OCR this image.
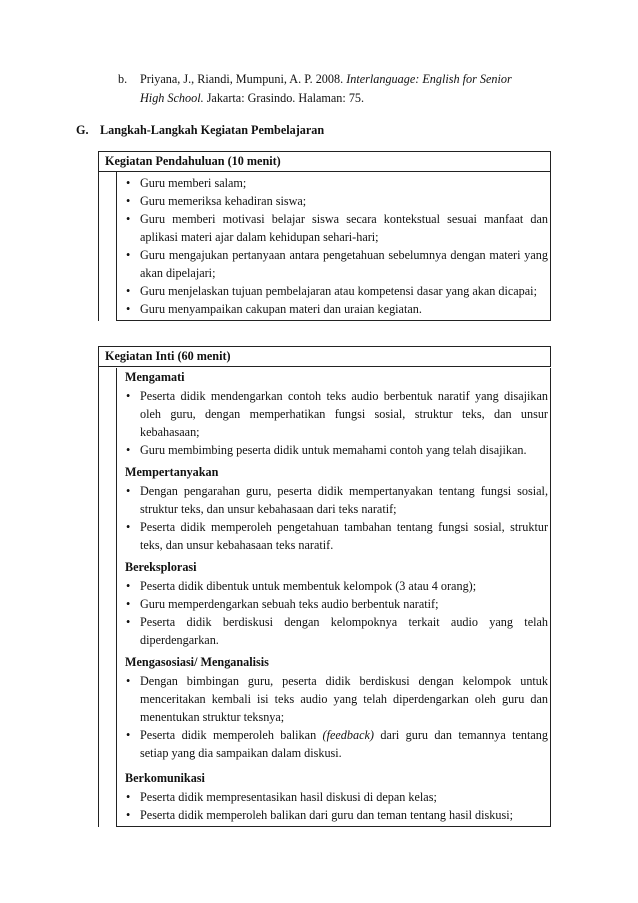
b.	Priyana, J., Riandi, Mumpuni, A. P. 2008. Interlanguage: English for Senior
High School. Jakarta: Grasindo. Halaman: 75.
G. Langkah-Langkah Kegiatan Pembelajaran
Kegiatan Pendahuluan (10 menit)
• Guru memberi salam;
• Guru memeriksa kehadiran siswa;
• Guru memberi motivasi belajar siswa secara kontekstual sesuai manfaat dan aplikasi materi ajar dalam kehidupan sehari-hari;
• Guru mengajukan pertanyaan antara pengetahuan sebelumnya dengan materi yang akan dipelajari;
• Guru menjelaskan tujuan pembelajaran atau kompetensi dasar yang akan dicapai;
• Guru menyampaikan cakupan materi dan uraian kegiatan.
Kegiatan Inti (60 menit)
Mengamati
• Peserta didik mendengarkan contoh teks audio berbentuk naratif yang disajikan oleh guru, dengan memperhatikan fungsi sosial, struktur teks, dan unsur kebahasaan;
• Guru membimbing peserta didik untuk memahami contoh yang telah disajikan.
Mempertanyakan
• Dengan pengarahan guru, peserta didik mempertanyakan tentang fungsi sosial, struktur teks, dan unsur kebahasaan dari teks naratif;
• Peserta didik memperoleh pengetahuan tambahan tentang fungsi sosial, struktur teks, dan unsur kebahasaan teks naratif.
Bereksplorasi
• Peserta didik dibentuk untuk membentuk kelompok (3 atau 4 orang);
• Guru memperdengarkan sebuah teks audio berbentuk naratif;
• Peserta didik berdiskusi dengan kelompoknya terkait audio yang telah diperdengarkan.
Mengasosiasi/ Menganalisis
• Dengan bimbingan guru, peserta didik berdiskusi dengan kelompok untuk menceritakan kembali isi teks audio yang telah diperdengarkan oleh guru dan menentukan struktur teksnya;
• Peserta didik memperoleh balikan (feedback) dari guru dan temannya tentang setiap yang dia sampaikan dalam diskusi.
Berkomunikasi
• Peserta didik mempresentasikan hasil diskusi di depan kelas;
• Peserta didik memperoleh balikan dari guru dan teman tentang hasil diskusi;
